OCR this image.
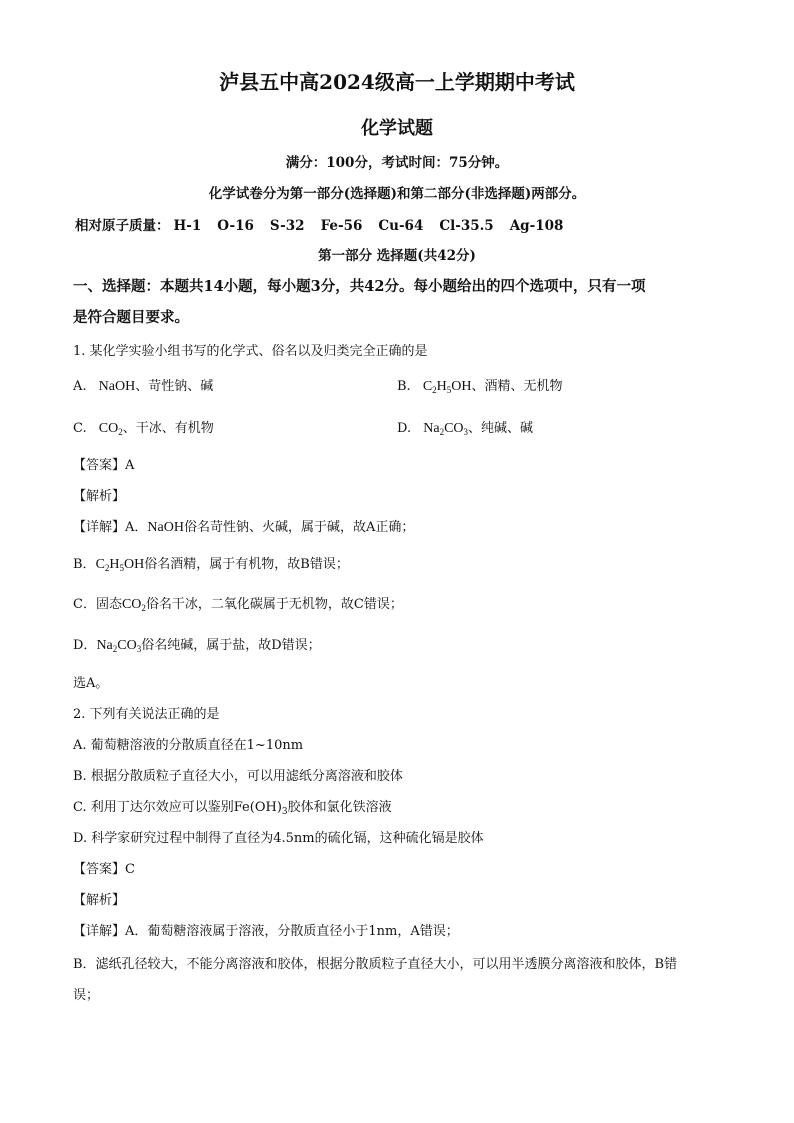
泸县五中高2024级高一上学期期中考试
化学试题
满分：100分，考试时间：75分钟。
化学试卷分为第一部分(选择题)和第二部分(非选择题)两部分。
相对原子质量： H-1 O-16 S-32 Fe-56 Cu-64 Cl-35.5 Ag-108
第一部分 选择题(共42分)
一、选择题：本题共14小题，每小题3分，共42分。每小题给出的四个选项中，只有一项
是符合题目要求。
1. 某化学实验小组书写的化学式、俗名以及归类完全正确的是
A. NaOH、苛性钠、碱	B. $C_2H_5OH$、酒精、无机物
C. $CO_2$、干冰、有机物	D. $Na_2CO_3$、纯碱、碱
【答案】A
【解析】
【详解】A．NaOH俗名苛性钠、火碱，属于碱，故A正确；
B．$C_2H_5OH$俗名酒精，属于有机物，故B错误；
C．固态$CO_2$俗名干冰，二氧化碳属于无机物，故C错误；
D．$Na_2CO_3$俗名纯碱，属于盐，故D错误；
选A。
2. 下列有关说法正确的是
A. 葡萄糖溶液的分散质直径在1~10nm
B. 根据分散质粒子直径大小，可以用滤纸分离溶液和胶体
C. 利用丁达尔效应可以鉴别$Fe(OH)_3$胶体和氯化铁溶液
D. 科学家研究过程中制得了直径为4.5nm的硫化镉，这种硫化镉是胶体
【答案】C
【解析】
【详解】A．葡萄糖溶液属于溶液，分散质直径小于1nm，A错误；
B．滤纸孔径较大，不能分离溶液和胶体，根据分散质粒子直径大小，可以用半透膜分离溶液和胶体，B错
误；
